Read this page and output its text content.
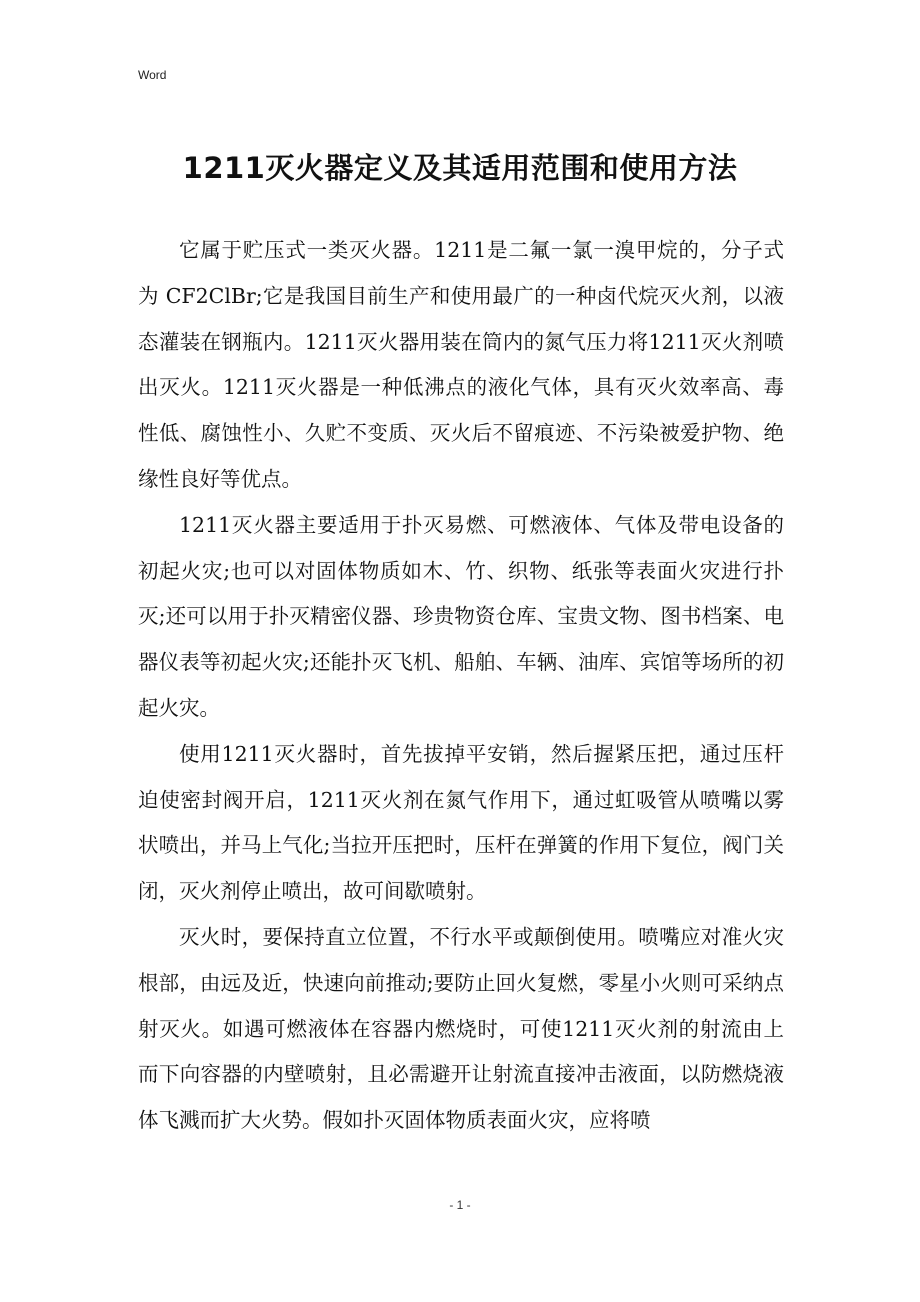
Word
1211灭火器定义及其适用范围和使用方法

它属于贮压式一类灭火器。1211是二氟一氯一溴甲烷的，分子式为 CF2ClBr;它是我国目前生产和使用最广的一种卤代烷灭火剂，以液态灌装在钢瓶内。1211灭火器用装在筒内的氮气压力将1211灭火剂喷出灭火。1211灭火器是一种低沸点的液化气体，具有灭火效率高、毒性低、腐蚀性小、久贮不变质、灭火后不留痕迹、不污染被爱护物、绝缘性良好等优点。

1211灭火器主要适用于扑灭易燃、可燃液体、气体及带电设备的初起火灾;也可以对固体物质如木、竹、织物、纸张等表面火灾进行扑灭;还可以用于扑灭精密仪器、珍贵物资仓库、宝贵文物、图书档案、电器仪表等初起火灾;还能扑灭飞机、船舶、车辆、油库、宾馆等场所的初起火灾。

使用1211灭火器时，首先拔掉平安销，然后握紧压把，通过压杆迫使密封阀开启，1211灭火剂在氮气作用下，通过虹吸管从喷嘴以雾状喷出，并马上气化;当拉开压把时，压杆在弹簧的作用下复位，阀门关闭，灭火剂停止喷出，故可间歇喷射。

灭火时，要保持直立位置，不行水平或颠倒使用。喷嘴应对准火灾根部，由远及近，快速向前推动;要防止回火复燃，零星小火则可采纳点射灭火。如遇可燃液体在容器内燃烧时，可使1211灭火剂的射流由上而下向容器的内壁喷射，且必需避开让射流直接冲击液面，以防燃烧液体飞溅而扩大火势。假如扑灭固体物质表面火灾，应将喷

- 1 -
